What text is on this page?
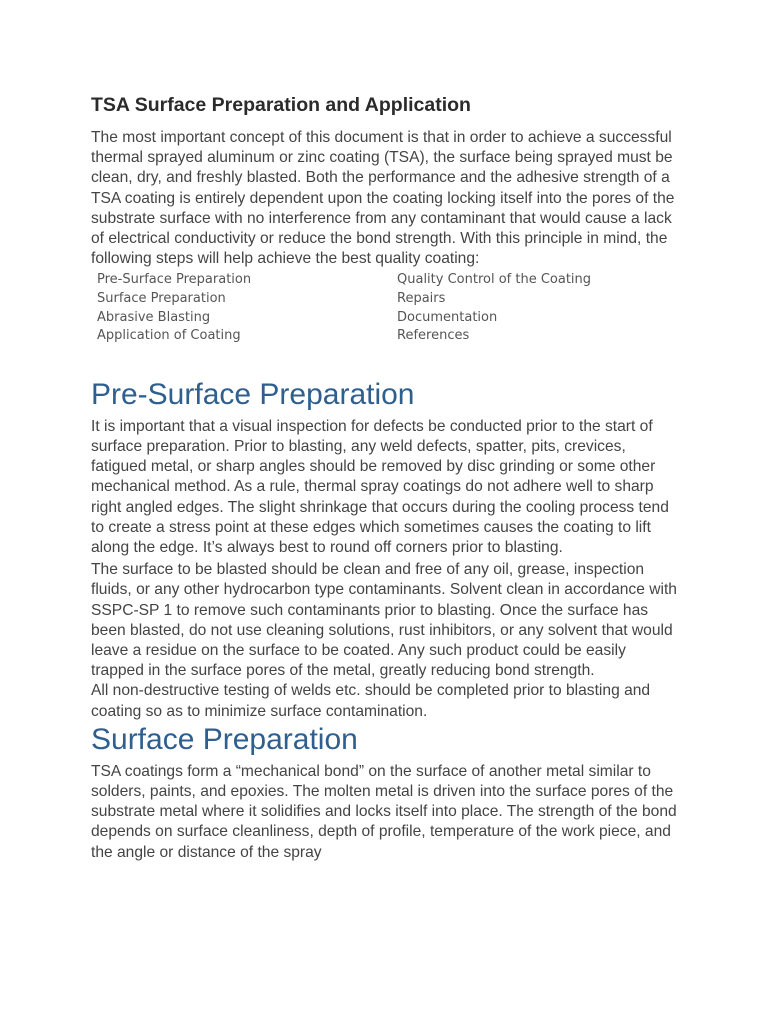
TSA Surface Preparation and Application

The most important concept of this document is that in order to achieve a successful thermal sprayed aluminum or zinc coating (TSA), the surface being sprayed must be clean, dry, and freshly blasted. Both the performance and the adhesive strength of a TSA coating is entirely dependent upon the coating locking itself into the pores of the substrate surface with no interference from any contaminant that would cause a lack of electrical conductivity or reduce the bond strength. With this principle in mind, the following steps will help achieve the best quality coating:

Pre-Surface Preparation	Quality Control of the Coating
Surface Preparation	Repairs
Abrasive Blasting	Documentation
Application of Coating	References
Pre-Surface Preparation

It is important that a visual inspection for defects be conducted prior to the start of surface preparation. Prior to blasting, any weld defects, spatter, pits, crevices, fatigued metal, or sharp angles should be removed by disc grinding or some other mechanical method. As a rule, thermal spray coatings do not adhere well to sharp right angled edges. The slight shrinkage that occurs during the cooling process tend to create a stress point at these edges which sometimes causes the coating to lift along the edge. It’s always best to round off corners prior to blasting.

The surface to be blasted should be clean and free of any oil, grease, inspection fluids, or any other hydrocarbon type contaminants. Solvent clean in accordance with SSPC-SP 1 to remove such contaminants prior to blasting. Once the surface has been blasted, do not use cleaning solutions, rust inhibitors, or any solvent that would leave a residue on the surface to be coated. Any such product could be easily trapped in the surface pores of the metal, greatly reducing bond strength.

All non-destructive testing of welds etc. should be completed prior to blasting and coating so as to minimize surface contamination.

Surface Preparation

TSA coatings form a “mechanical bond” on the surface of another metal similar to solders, paints, and epoxies. The molten metal is driven into the surface pores of the substrate metal where it solidifies and locks itself into place. The strength of the bond depends on surface cleanliness, depth of profile, temperature of the work piece, and the angle or distance of the spray
